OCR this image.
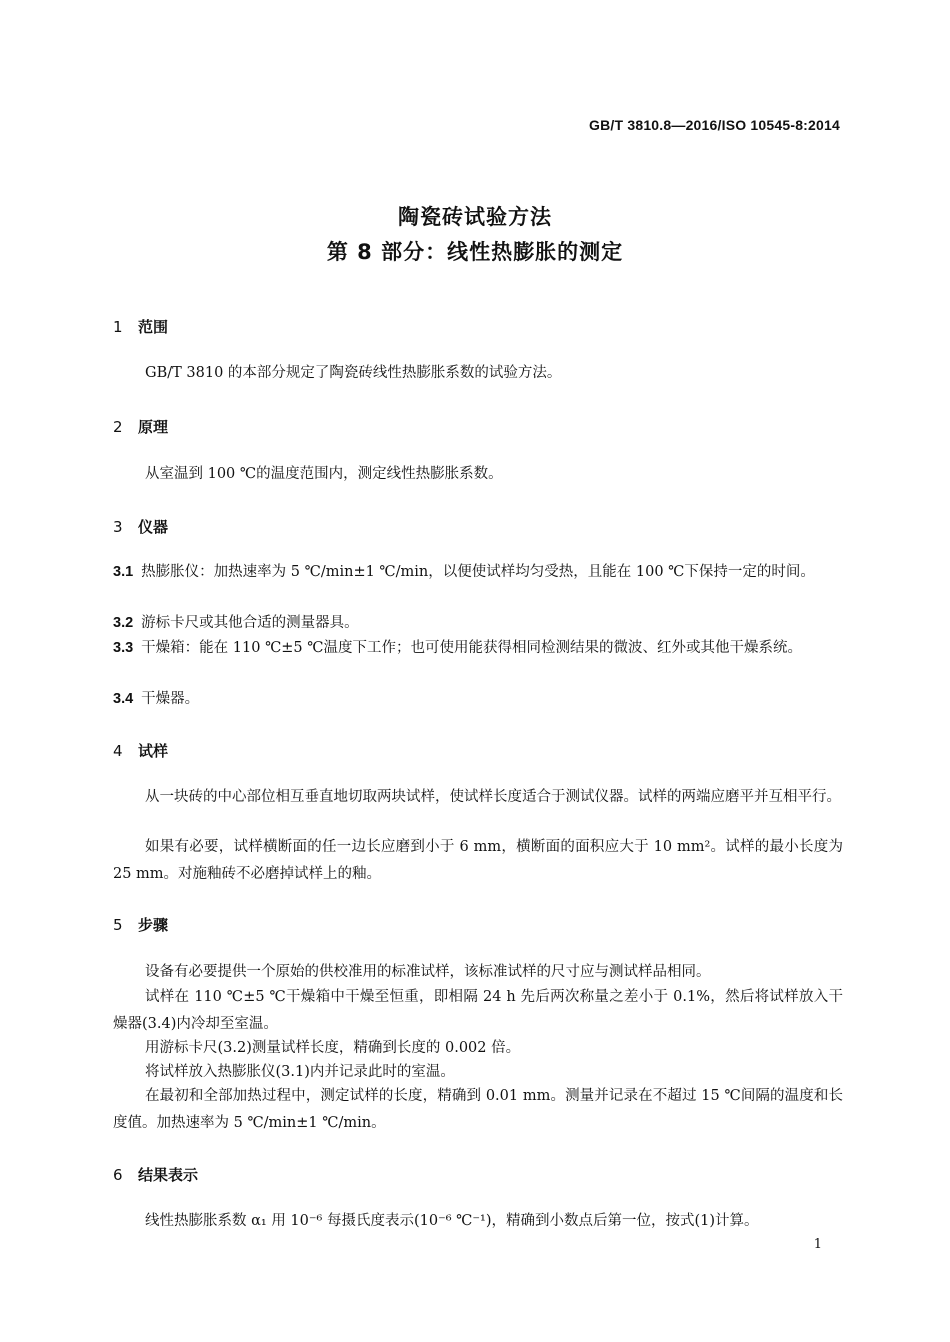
GB/T 3810.8—2016/ISO 10545-8:2014
陶瓷砖试验方法
第 8 部分：线性热膨胀的测定
1 范围
GB/T 3810 的本部分规定了陶瓷砖线性热膨胀系数的试验方法。
2 原理
从室温到 100 ℃的温度范围内，测定线性热膨胀系数。
3 仪器
3.1 热膨胀仪：加热速率为 5 ℃/min±1 ℃/min，以便使试样均匀受热，且能在 100 ℃下保持一定的时间。
3.2 游标卡尺或其他合适的测量器具。
3.3 干燥箱：能在 110 ℃±5 ℃温度下工作；也可使用能获得相同检测结果的微波、红外或其他干燥系统。
3.4 干燥器。
4 试样
从一块砖的中心部位相互垂直地切取两块试样，使试样长度适合于测试仪器。试样的两端应磨平并互相平行。
如果有必要，试样横断面的任一边长应磨到小于 6 mm，横断面的面积应大于 10 mm²。试样的最小长度为 25 mm。对施釉砖不必磨掉试样上的釉。
5 步骤
设备有必要提供一个原始的供校准用的标准试样，该标准试样的尺寸应与测试样品相同。
试样在 110 ℃±5 ℃干燥箱中干燥至恒重，即相隔 24 h 先后两次称量之差小于 0.1%，然后将试样放入干燥器(3.4)内冷却至室温。
用游标卡尺(3.2)测量试样长度，精确到长度的 0.002 倍。
将试样放入热膨胀仪(3.1)内并记录此时的室温。
在最初和全部加热过程中，测定试样的长度，精确到 0.01 mm。测量并记录在不超过 15 ℃间隔的温度和长度值。加热速率为 5 ℃/min±1 ℃/min。
6 结果表示
线性热膨胀系数 α₁ 用 10⁻⁶ 每摄氏度表示(10⁻⁶ ℃⁻¹)，精确到小数点后第一位，按式(1)计算。
1
